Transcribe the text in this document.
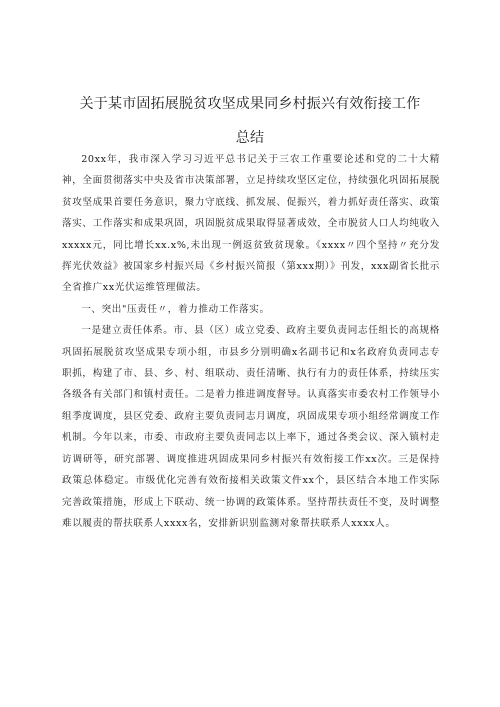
关于某市固拓展脱贫攻坚成果同乡村振兴有效衔接工作总结

20xx年，我市深入学习习近平总书记关于三农工作重要论述和党的二十大精神，全面贯彻落实中央及省市决策部署，立足持续攻坚区定位，持续强化巩固拓展脱贫攻坚成果首要任务意识，聚力守底线、抓发展、促振兴，着力抓好责任落实、政策落实、工作落实和成果巩固，巩固脱贫成果取得显著成效，全市脱贫人口人均纯收入xxxxx元，同比增长xx.x%,未出现一例返贫致贫现象。《xxxx〃四个坚持〃充分发挥光伏效益》被国家乡村振兴局《乡村振兴简报（第xxx期）》刊发，xxx副省长批示全省推广xx光伏运维管理做法。

一、突出"压责任〃，着力推动工作落实。

一是建立责任体系。市、县（区）成立党委、政府主要负责同志任组长的高规格巩固拓展脱贫攻坚成果专项小组，市县乡分别明确x名副书记和x名政府负责同志专职抓，构建了市、县、乡、村、组联动、责任清晰、执行有力的责任体系，持续压实各级各有关部门和镇村责任。二是着力推进调度督导。认真落实市委农村工作领导小组季度调度，县区党委、政府主要负责同志月调度，巩固成果专项小组经常调度工作机制。今年以来，市委、市政府主要负责同志以上率下，通过各类会议、深入镇村走访调研等，研究部署、调度推进巩固成果同乡村振兴有效衔接工作xx次。三是保持政策总体稳定。市级优化完善有效衔接相关政策文件xx个，县区结合本地工作实际完善政策措施，形成上下联动、统一协调的政策体系。坚持帮扶责任不变，及时调整难以履责的帮扶联系人xxxx名，安排新识别监测对象帮扶联系人xxxx人。
